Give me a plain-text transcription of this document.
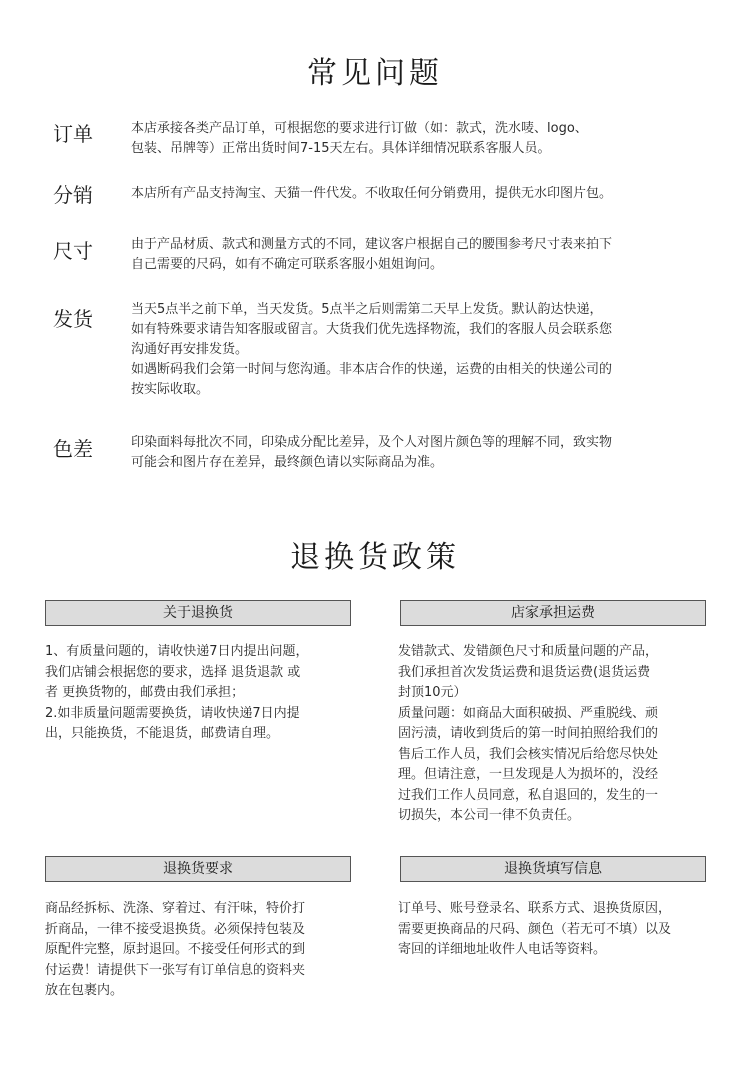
常见问题
订单	本店承接各类产品订单，可根据您的要求进行订做（如：款式，洗水唛、logo、

包装、吊牌等）正常出货时间7-15天左右。具体详细情况联系客服人员。

分销	本店所有产品支持淘宝、天猫一件代发。不收取任何分销费用，提供无水印图片包。

尺寸	由于产品材质、款式和测量方式的不同，建议客户根据自己的腰围参考尺寸表来拍下

自己需要的尺码，如有不确定可联系客服小姐姐询问。

发货	当天5点半之前下单，当天发货。5点半之后则需第二天早上发货。默认韵达快递，

如有特殊要求请告知客服或留言。大货我们优先选择物流，我们的客服人员会联系您

沟通好再安排发货。

如遇断码我们会第一时间与您沟通。非本店合作的快递，运费的由相关的快递公司的

按实际收取。

色差	印染面料每批次不同，印染成分配比差异，及个人对图片颜色等的理解不同，致实物

可能会和图片存在差异，最终颜色请以实际商品为准。

退换货政策
关于退换货

1、有质量问题的，请收快递7日内提出问题，

我们店铺会根据您的要求，选择 退货退款 或

者 更换货物的，邮费由我们承担；

2.如非质量问题需要换货，请收快递7日内提

出，只能换货，不能退货，邮费请自理。

店家承担运费

发错款式、发错颜色尺寸和质量问题的产品，

我们承担首次发货运费和退货运费(退货运费

封顶10元）

质量问题：如商品大面积破损、严重脱线、顽

固污渍，请收到货后的第一时间拍照给我们的

售后工作人员，我们会核实情况后给您尽快处

理。但请注意，一旦发现是人为损坏的，没经

过我们工作人员同意，私自退回的，发生的一

切损失，本公司一律不负责任。

退换货要求

商品经拆标、洗涤、穿着过、有汗味，特价打

折商品，一律不接受退换货。必须保持包装及

原配件完整，原封退回。不接受任何形式的到

付运费！请提供下一张写有订单信息的资料夹

放在包裹内。

退换货填写信息

订单号、账号登录名、联系方式、退换货原因，

需要更换商品的尺码、颜色（若无可不填）以及

寄回的详细地址收件人电话等资料。
